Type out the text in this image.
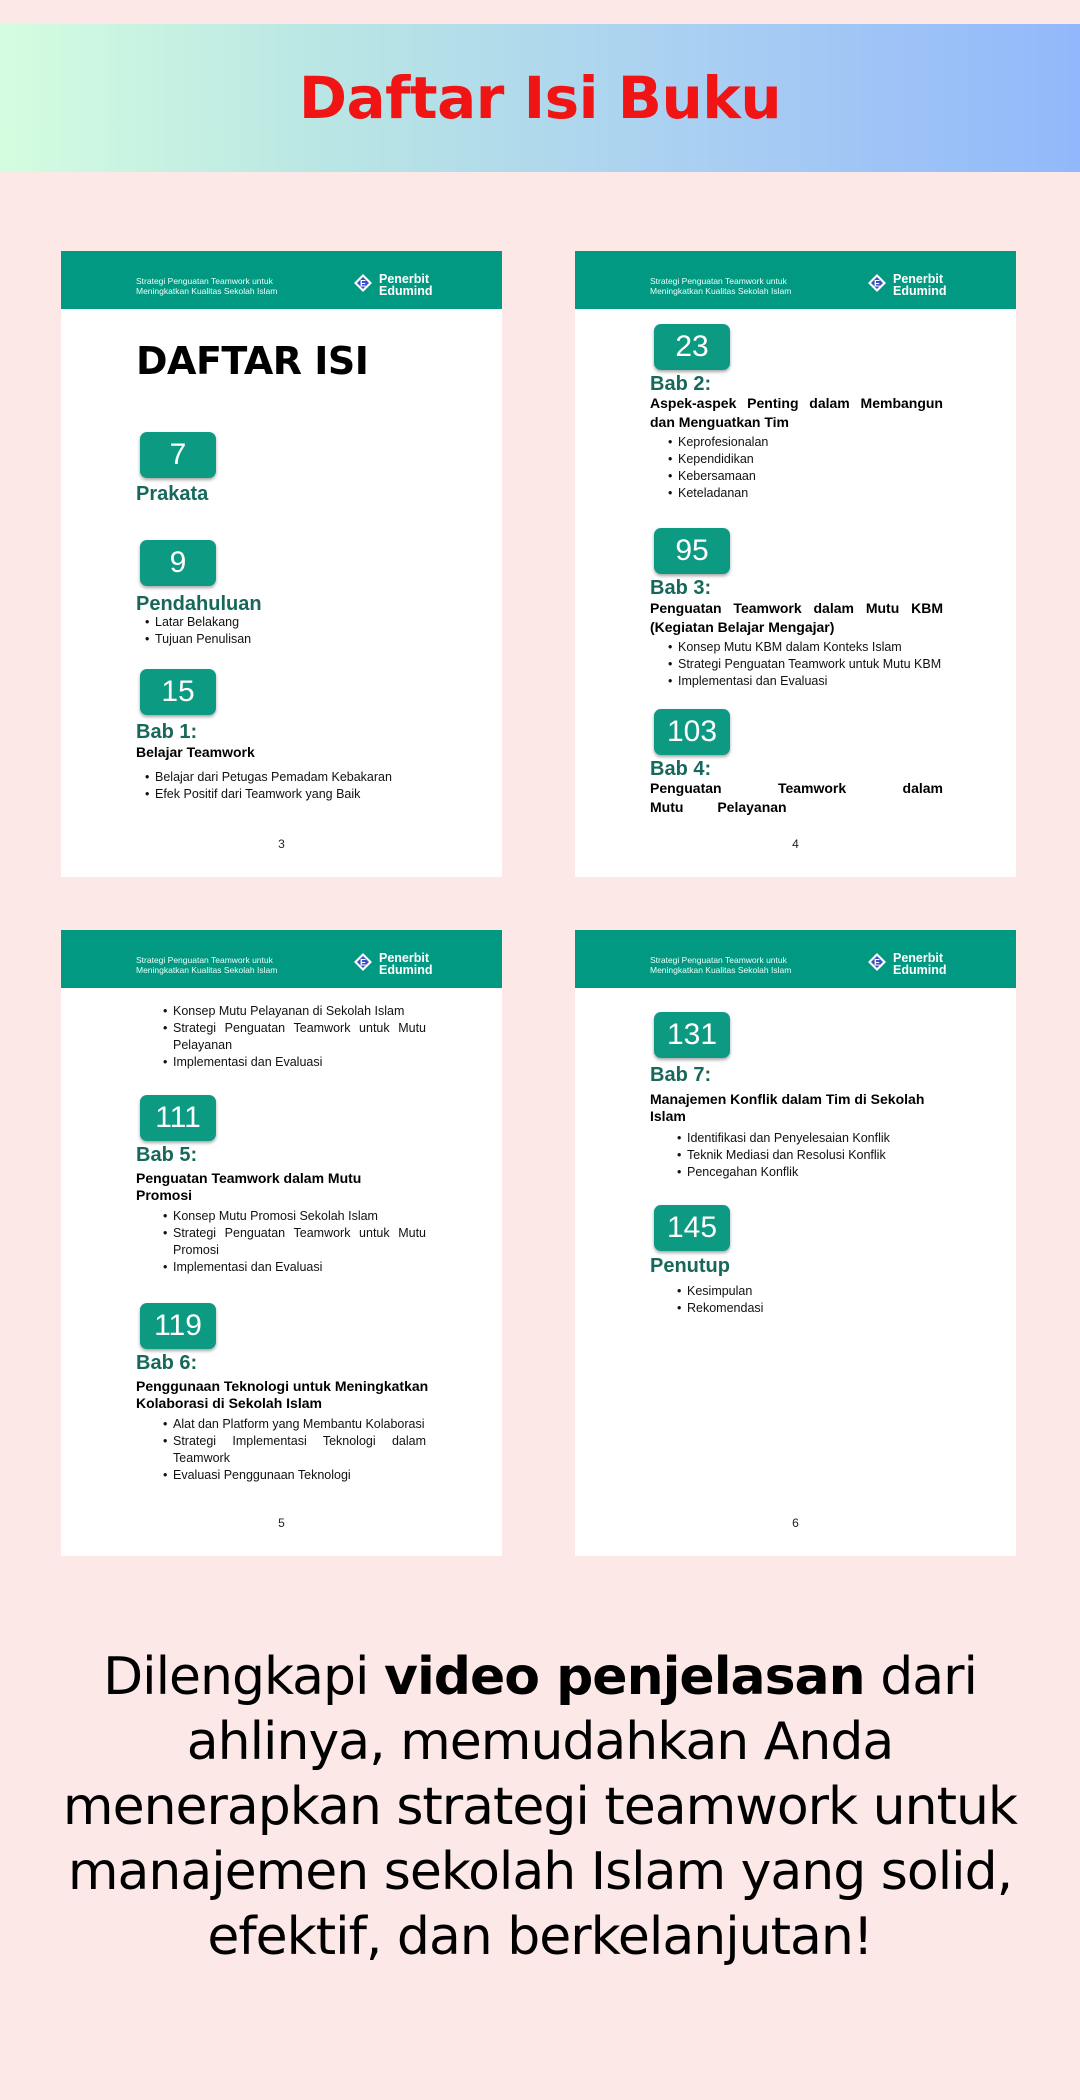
Daftar Isi Buku
Strategi Penguatan Teamwork untuk
Meningkatkan Kualitas Sekolah Islam
E Penerbit
Edumind
DAFTAR ISI
7
Prakata
9
Pendahuluan
• Latar Belakang
• Tujuan Penulisan
15
Bab 1:
Belajar Teamwork
• Belajar dari Petugas Pemadam Kebakaran
• Efek Positif dari Teamwork yang Baik
3
Strategi Penguatan Teamwork untuk
Meningkatkan Kualitas Sekolah Islam
E Penerbit
Edumind
23
Bab 2:
Aspek-aspek Penting dalam Membangun dan Menguatkan Tim
• Keprofesionalan
• Kependidikan
• Kebersamaan
• Keteladanan
95
Bab 3:
Penguatan Teamwork dalam Mutu KBM (Kegiatan Belajar Mengajar)
• Konsep Mutu KBM dalam Konteks Islam
• Strategi Penguatan Teamwork untuk Mutu KBM
• Implementasi dan Evaluasi
103
Bab 4:
Penguatan Teamwork dalam Mutu Pelayanan
4
Strategi Penguatan Teamwork untuk
Meningkatkan Kualitas Sekolah Islam
E Penerbit
Edumind
• Konsep Mutu Pelayanan di Sekolah Islam
• Strategi Penguatan Teamwork untuk Mutu Pelayanan
• Implementasi dan Evaluasi
111
Bab 5:
Penguatan Teamwork dalam Mutu Promosi
• Konsep Mutu Promosi Sekolah Islam
• Strategi Penguatan Teamwork untuk Mutu Promosi
• Implementasi dan Evaluasi
119
Bab 6:
Penggunaan Teknologi untuk Meningkatkan Kolaborasi di Sekolah Islam
• Alat dan Platform yang Membantu Kolaborasi
• Strategi Implementasi Teknologi dalam Teamwork
• Evaluasi Penggunaan Teknologi
5
Strategi Penguatan Teamwork untuk
Meningkatkan Kualitas Sekolah Islam
E Penerbit
Edumind
131
Bab 7:
Manajemen Konflik dalam Tim di Sekolah Islam
• Identifikasi dan Penyelesaian Konflik
• Teknik Mediasi dan Resolusi Konflik
• Pencegahan Konflik
145
Penutup
• Kesimpulan
• Rekomendasi
6
Dilengkapi video penjelasan dari ahlinya, memudahkan Anda menerapkan strategi teamwork untuk manajemen sekolah Islam yang solid, efektif, dan berkelanjutan!
